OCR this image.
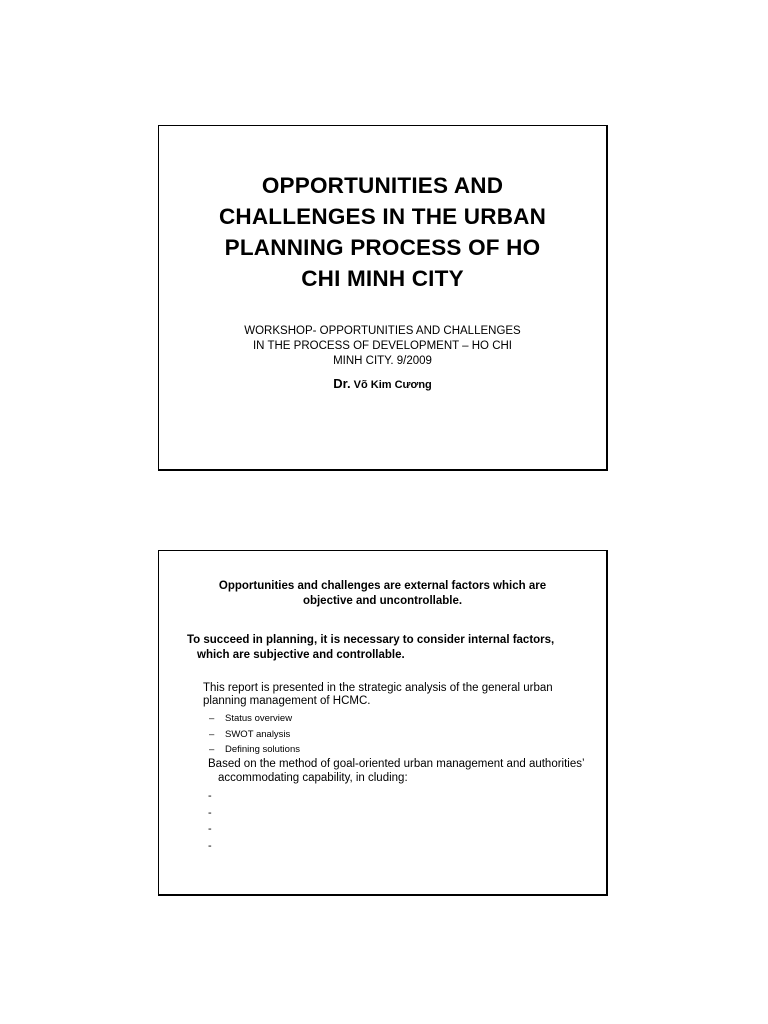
OPPORTUNITIES AND
CHALLENGES IN THE URBAN
PLANNING PROCESS OF HO
CHI MINH CITY
WORKSHOP- OPPORTUNITIES AND CHALLENGES
IN THE PROCESS OF DEVELOPMENT – HO CHI
MINH CITY. 9/2009
Dr. Võ Kim Cương
Opportunities and challenges are external factors which are
objective and uncontrollable.
To succeed in planning, it is necessary to consider internal factors, which are subjective and controllable.
This report is presented in the strategic analysis of the general urban planning management of HCMC.
– Status overview
– SWOT analysis
– Defining solutions
Based on the method of goal-oriented urban management and authorities’ accommodating capability, in cluding:
-
-
-
-
